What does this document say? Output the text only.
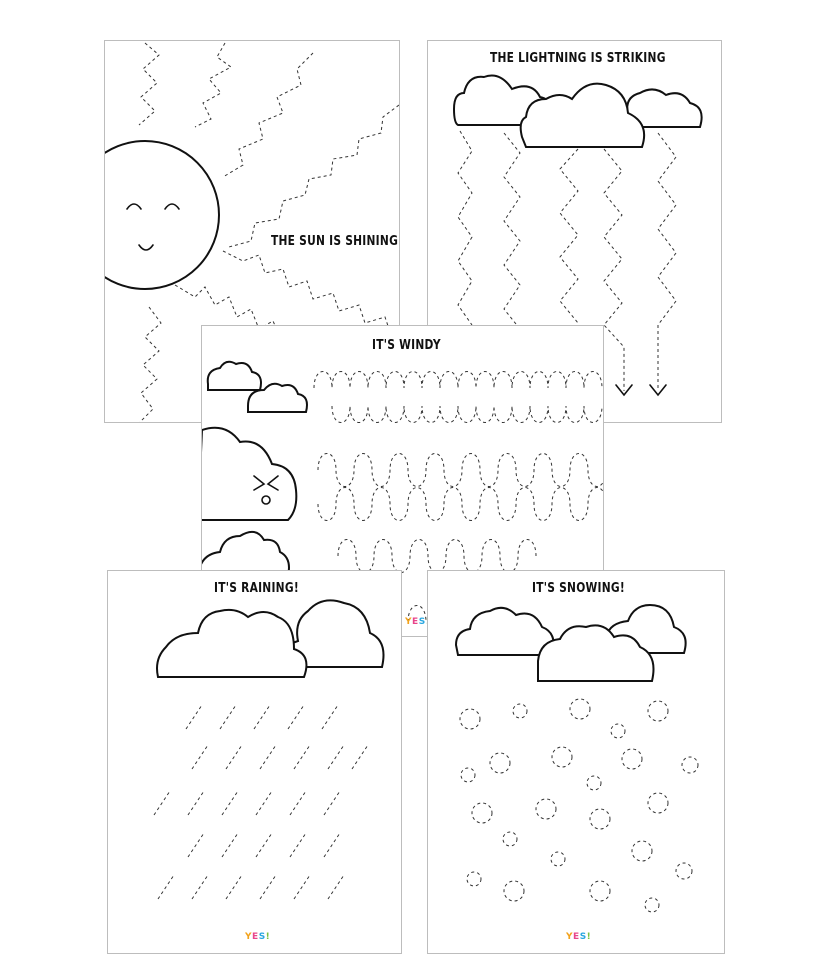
THE SUN IS SHINING
THE LIGHTNING IS STRIKING
IT'S WINDY
YES
IT'S RAINING!
YES!
IT'S SNOWING!
YES!
